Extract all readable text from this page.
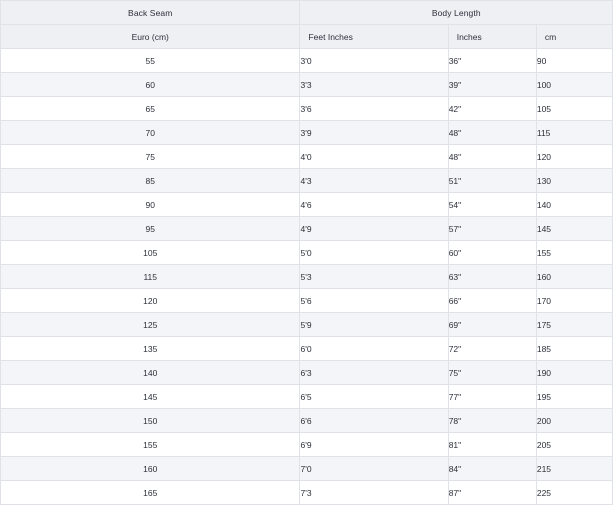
Back Seam	Body Length		
Euro (cm)	Feet Inches	Inches	cm
55	3'0	36"	90
60	3'3	39"	100
65	3'6	42"	105
70	3'9	48"	115
75	4'0	48"	120
85	4'3	51"	130
90	4'6	54"	140
95	4'9	57"	145
105	5'0	60"	155
115	5'3	63"	160
120	5'6	66"	170
125	5'9	69"	175
135	6'0	72"	185
140	6'3	75"	190
145	6'5	77"	195
150	6'6	78"	200
155	6'9	81"	205
160	7'0	84"	215
165	7'3	87"	225
